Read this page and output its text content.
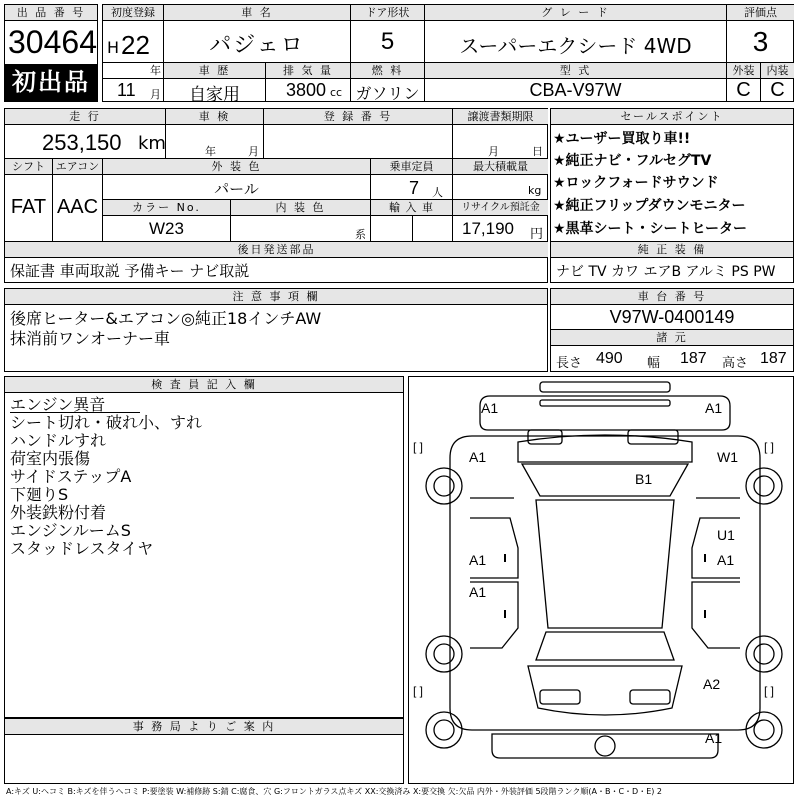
出 品 番 号
30464
初出品
初度登録
H 22
年
11 月
車 名
パジェロ
車 歴
自家用
排 気 量
3800 cc
ドア形状
5
燃 料
ガソリン
グ レ ー ド
スーパーエクシード 4WD
型 式
CBA-V97W
評価点
3
外装	内装
C C
走 行
253,150 km
車 検
年	月
登 録 番 号	譲渡書類期限
月	日
シフト
FAT
エアコン
AAC
外 装 色
パール
カラー No.
W23
内 装 色
系
乗車定員
7 人
輸 入 車
最大積載量
kg
リサイクル預託金
17,190 円
後日発送部品
保証書 車両取説 予備キー ナビ取説
セールスポイント
★ユーザー買取り車!!
★純正ナビ・フルセグTV
★ロックフォードサウンド
★純正フリップダウンモニター
★黒革シート・シートヒーター
純 正 装 備
ナビ TV カワ エアB アルミ PS PW
注 意 事 項 欄
後席ヒーター&エアコン◎純正18インチAW
抹消前ワンオーナー車
車 台 番 号
V97W-0400149
諸 元
長さ 490 幅 187 高さ 187
検 査 員 記 入 欄
エンジン異音
シート切れ・破れ小、すれ
ハンドルすれ
荷室内張傷
サイドステップA
下廻りS
外装鉄粉付着
エンジンルームS
スタッドレスタイヤ
事 務 局 よ り ご 案 内
A1	A1
A1	W1
B1
U1
A1	A1
A1
A2
A1
[ ]	[ ]
[ ]	[ ]
A:キズ U:ヘコミ B:キズを伴うヘコミ P:要塗装 W:補修跡 S:錆 C:腐食、穴 G:フロントガラス点キズ XX:交換済み X:要交換 欠:欠品 内外・外装評価 5段階ランク順(A・B・C・D・E) 2
